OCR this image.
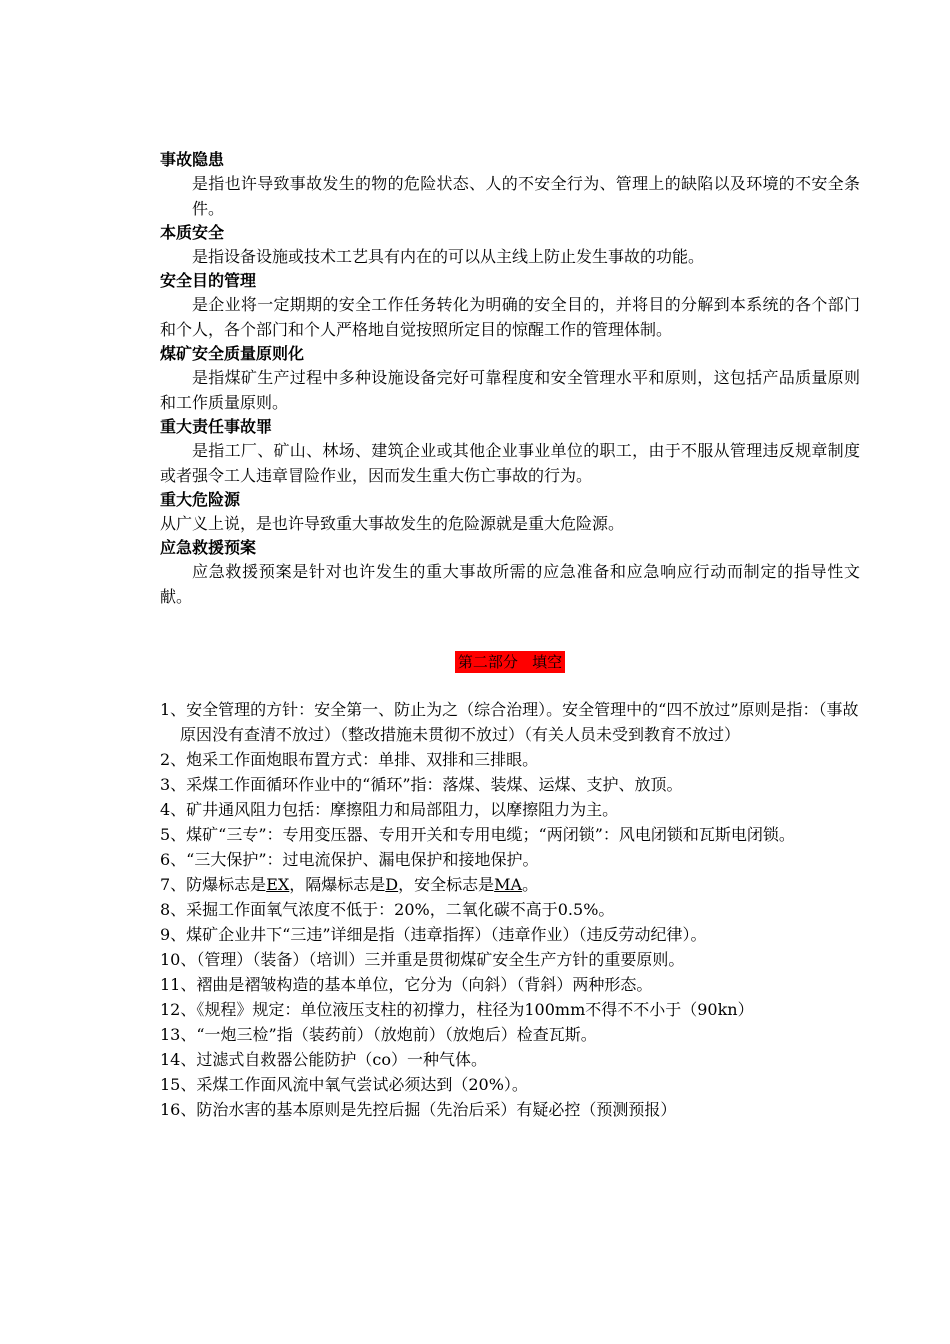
事故隐患

是指也许导致事故发生的物的危险状态、人的不安全行为、管理上的缺陷以及环境的不安全条件。

本质安全

是指设备设施或技术工艺具有内在的可以从主线上防止发生事故的功能。

安全目的管理

是企业将一定期期的安全工作任务转化为明确的安全目的，并将目的分解到本系统的各个部门和个人，各个部门和个人严格地自觉按照所定目的惊醒工作的管理体制。

煤矿安全质量原则化

是指煤矿生产过程中多种设施设备完好可靠程度和安全管理水平和原则，这包括产品质量原则和工作质量原则。

重大责任事故罪

是指工厂、矿山、林场、建筑企业或其他企业事业单位的职工，由于不服从管理违反规章制度或者强令工人违章冒险作业，因而发生重大伤亡事故的行为。

重大危险源

从广义上说，是也许导致重大事故发生的危险源就是重大危险源。

应急救援预案

应急救援预案是针对也许发生的重大事故所需的应急准备和应急响应行动而制定的指导性文献。

第二部分   填空
1、安全管理的方针：安全第一、防止为之（综合治理）。安全管理中的“四不放过”原则是指：（事故原因没有查清不放过）（整改措施未贯彻不放过）（有关人员未受到教育不放过）
2、炮采工作面炮眼布置方式：单排、双排和三排眼。
3、采煤工作面循环作业中的“循环”指：落煤、装煤、运煤、支护、放顶。
4、矿井通风阻力包括：摩擦阻力和局部阻力，以摩擦阻力为主。
5、煤矿“三专”：专用变压器、专用开关和专用电缆；“两闭锁”：风电闭锁和瓦斯电闭锁。
6、“三大保护”：过电流保护、漏电保护和接地保护。
7、防爆标志是EX，隔爆标志是D，安全标志是MA。
8、采掘工作面氧气浓度不低于：20%，二氧化碳不高于0.5%。
9、煤矿企业井下“三违”详细是指（违章指挥）（违章作业）（违反劳动纪律）。
10、（管理）（装备）（培训）三并重是贯彻煤矿安全生产方针的重要原则。
11、褶曲是褶皱构造的基本单位，它分为（向斜）（背斜）两种形态。
12、《规程》规定：单位液压支柱的初撑力，柱径为100mm不得不不小于（90kn）
13、“一炮三检”指（装药前）（放炮前）（放炮后）检查瓦斯。
14、过滤式自救器公能防护（co）一种气体。
15、采煤工作面风流中氧气尝试必须达到（20%）。
16、防治水害的基本原则是先控后掘（先治后采）有疑必控（预测预报）
